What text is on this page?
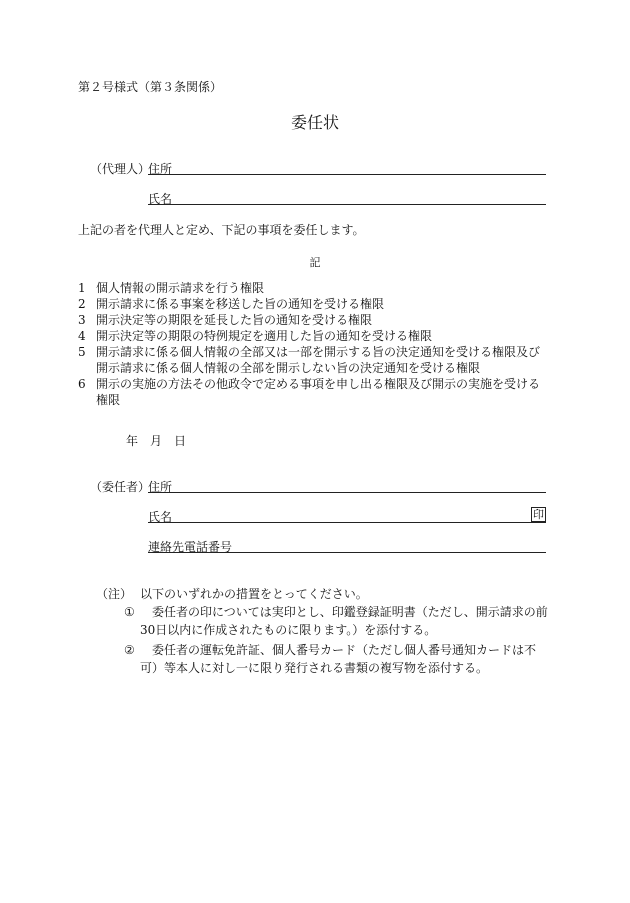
第２号様式（第３条関係）
委任状
（代理人）
住所
氏名
上記の者を代理人と定め、下記の事項を委任します。
記
1 個人情報の開示請求を行う権限
2 開示請求に係る事案を移送した旨の通知を受ける権限
3 開示決定等の期限を延長した旨の通知を受ける権限
4 開示決定等の期限の特例規定を適用した旨の通知を受ける権限
5 開示請求に係る個人情報の全部又は一部を開示する旨の決定通知を受ける権限及び開示請求に係る個人情報の全部を開示しない旨の決定通知を受ける権限
6 開示の実施の方法その他政令で定める事項を申し出る権限及び開示の実施を受ける権限
年　月　日
（委任者）
住所
氏名	印
連絡先電話番号
（注） 以下のいずれかの措置をとってください。
①	委任者の印については実印とし、印鑑登録証明書（ただし、開示請求の前30日以内に作成されたものに限ります。）を添付する。
②	委任者の運転免許証、個人番号カード（ただし個人番号通知カードは不可）等本人に対し一に限り発行される書類の複写物を添付する。
